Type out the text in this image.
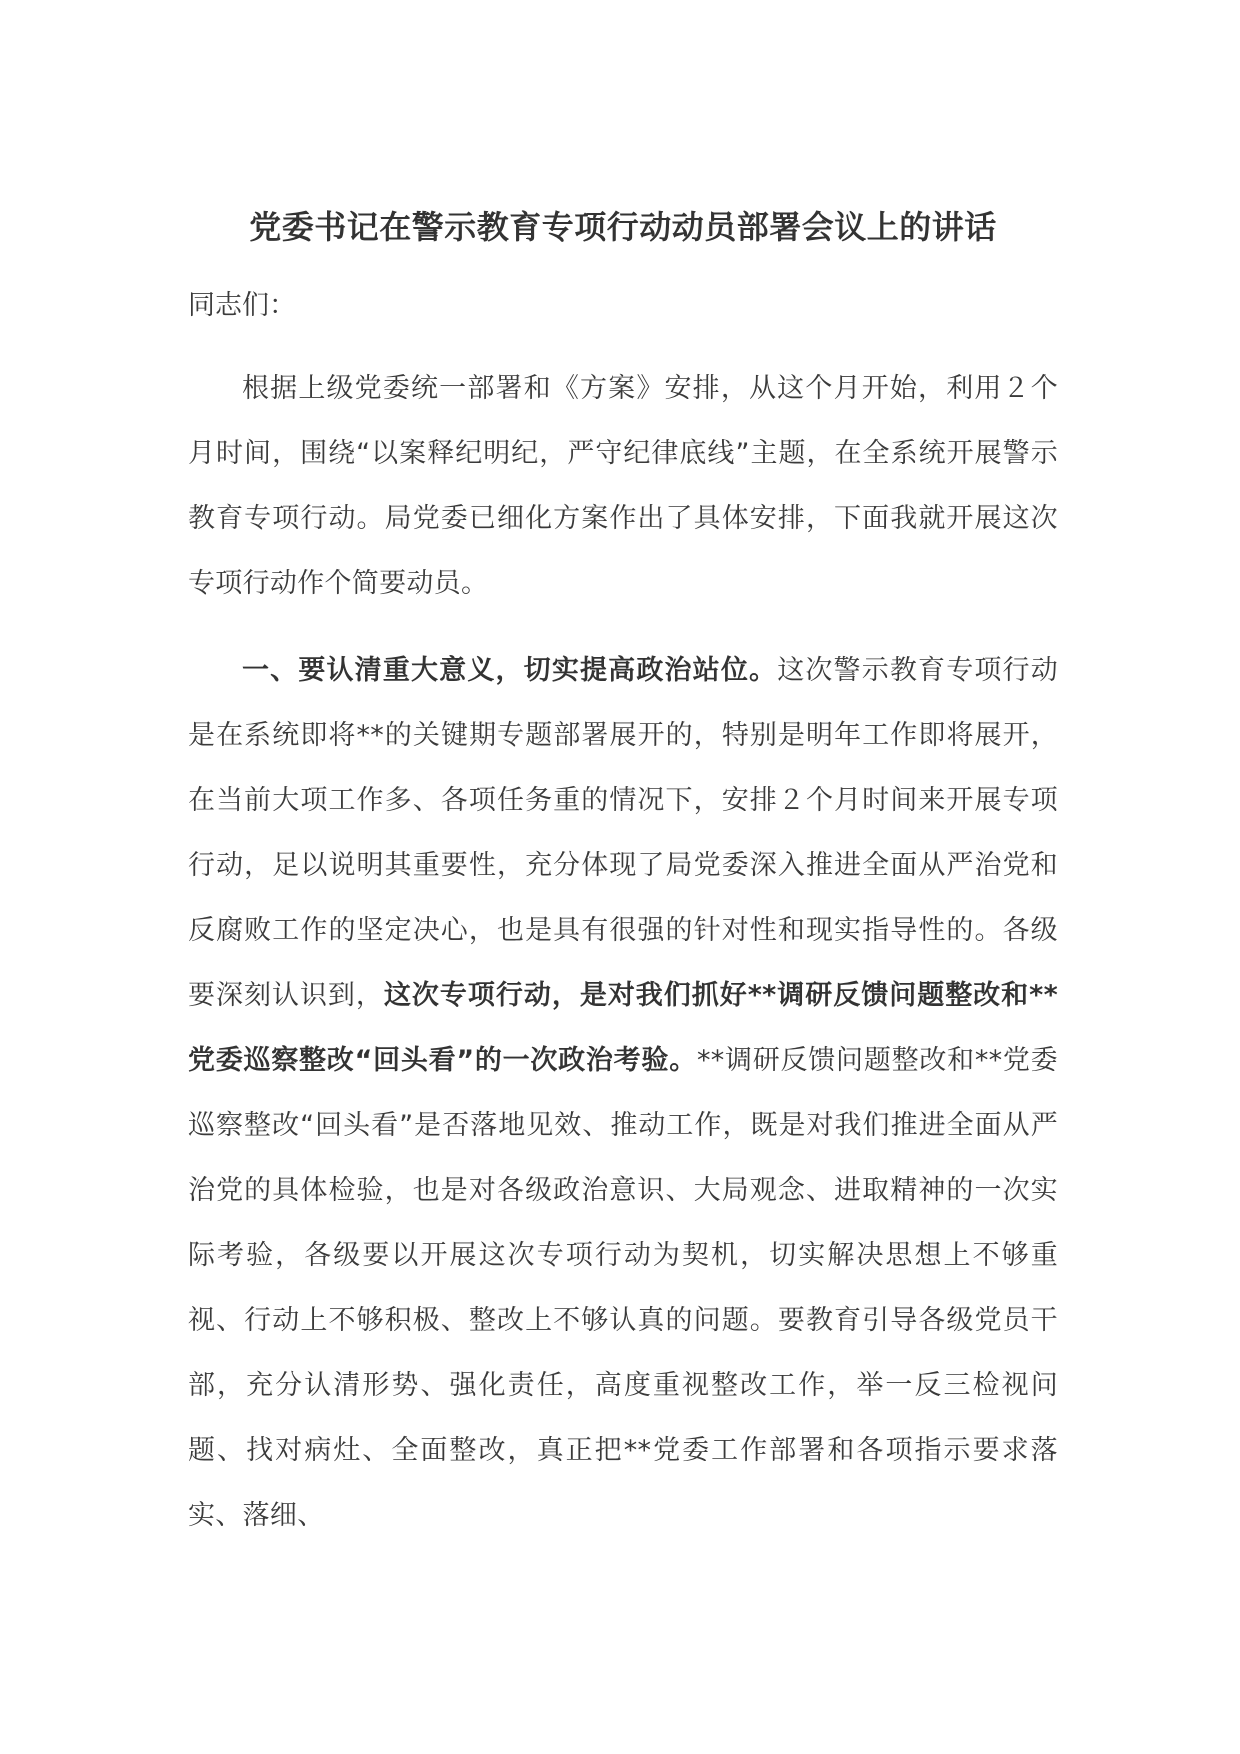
党委书记在警示教育专项行动动员部署会议上的讲话

同志们：

根据上级党委统一部署和《方案》安排，从这个月开始，利用２个月时间，围绕“以案释纪明纪，严守纪律底线”主题，在全系统开展警示教育专项行动。局党委已细化方案作出了具体安排，下面我就开展这次专项行动作个简要动员。

一、要认清重大意义，切实提高政治站位。这次警示教育专项行动是在系统即将**的关键期专题部署展开的，特别是明年工作即将展开，在当前大项工作多、各项任务重的情况下，安排２个月时间来开展专项行动，足以说明其重要性，充分体现了局党委深入推进全面从严治党和反腐败工作的坚定决心，也是具有很强的针对性和现实指导性的。各级要深刻认识到，这次专项行动，是对我们抓好**调研反馈问题整改和**党委巡察整改“回头看”的一次政治考验。**调研反馈问题整改和**党委巡察整改“回头看”是否落地见效、推动工作，既是对我们推进全面从严治党的具体检验，也是对各级政治意识、大局观念、进取精神的一次实际考验，各级要以开展这次专项行动为契机，切实解决思想上不够重视、行动上不够积极、整改上不够认真的问题。要教育引导各级党员干部，充分认清形势、强化责任，高度重视整改工作，举一反三检视问题、找对病灶、全面整改，真正把**党委工作部署和各项指示要求落实、落细、
